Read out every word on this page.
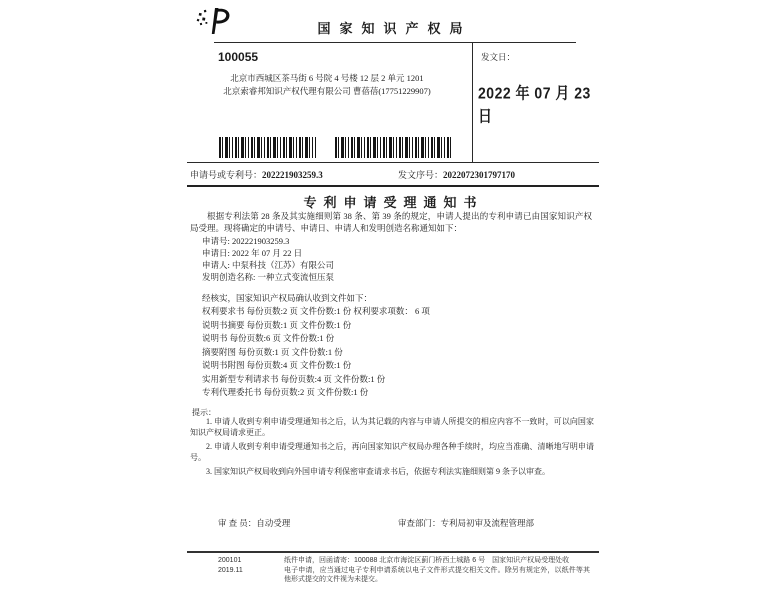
国家知识产权局
100055
北京市西城区茶马街 6 号院 4 号楼 12 层 2 单元 1201
北京索睿邦知识产权代理有限公司 曹蓓蓓(17751229907)
发文日：
2022 年 07 月 23 日
申请号或专利号：202221903259.3	发文序号：2022072301797170
专利申请受理通知书
根据专利法第 28 条及其实施细则第 38 条、第 39 条的规定，申请人提出的专利申请已由国家知识产权局受理。现将确定的申请号、申请日、申请人和发明创造名称通知如下：
申请号: 202221903259.3
申请日: 2022 年 07 月 22 日
申请人: 中泵科技（江苏）有限公司
发明创造名称: 一种立式变流恒压泵
经核实，国家知识产权局确认收到文件如下：
权利要求书 每份页数:2 页 文件份数:1 份 权利要求项数： 6 项
说明书摘要 每份页数:1 页 文件份数:1 份
说明书 每份页数:6 页 文件份数:1 份
摘要附图 每份页数:1 页 文件份数:1 份
说明书附图 每份页数:4 页 文件份数:1 份
实用新型专利请求书 每份页数:4 页 文件份数:1 份
专利代理委托书 每份页数:2 页 文件份数:1 份
提示：

1. 申请人收到专利申请受理通知书之后，认为其记载的内容与申请人所提交的相应内容不一致时，可以向国家知识产权局请求更正。

2. 申请人收到专利申请受理通知书之后，再向国家知识产权局办理各种手续时，均应当准确、清晰地写明申请号。

3. 国家知识产权局收到向外国申请专利保密审查请求书后，依据专利法实施细则第 9 条予以审查。

审 查 员：自动受理	审查部门：专利局初审及流程管理部
200101	纸件申请，回函请寄：100088 北京市海淀区蓟门桥西土城路 6 号　国家知识产权局受理处收
2019.11	电子申请，应当通过电子专利申请系统以电子文件形式提交相关文件。除另有规定外，以纸件等其他形式提交的文件视为未提交。
